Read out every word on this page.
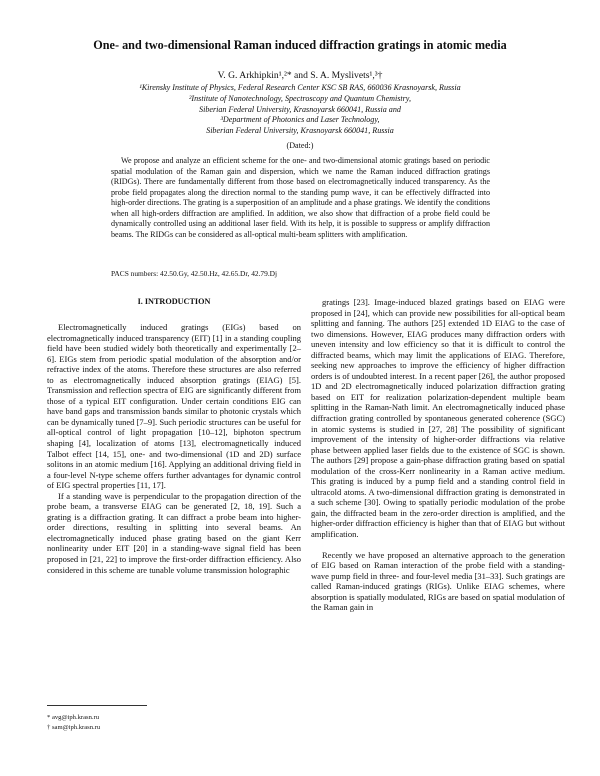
One- and two-dimensional Raman induced diffraction gratings in atomic media
V. G. Arkhipkin¹,²* and S. A. Myslivets¹,³†
¹Kirensky Institute of Physics, Federal Research Center KSC SB RAS, 660036 Krasnoyarsk, Russia
²Institute of Nanotechnology, Spectroscopy and Quantum Chemistry,
Siberian Federal University, Krasnoyarsk 660041, Russia and
³Department of Photonics and Laser Technology,
Siberian Federal University, Krasnoyarsk 660041, Russia
(Dated:)
We propose and analyze an efficient scheme for the one- and two-dimensional atomic gratings based on periodic spatial modulation of the Raman gain and dispersion, which we name the Raman induced diffraction gratings (RIDGs). There are fundamentally different from those based on electromagnetically induced transparency. As the probe field propagates along the direction normal to the standing pump wave, it can be effectively diffracted into high-order directions. The grating is a superposition of an amplitude and a phase gratings. We identify the conditions when all high-orders diffraction are amplified. In addition, we also show that diffraction of a probe field could be dynamically controlled using an additional laser field. With its help, it is possible to suppress or amplify diffraction beams. The RIDGs can be considered as all-optical multi-beam splitters with amplification.
PACS numbers: 42.50.Gy, 42.50.Hz, 42.65.Dr, 42.79.Dj
I. INTRODUCTION

Electromagnetically induced gratings (EIGs) based on electromagnetically induced transparency (EIT) [1] in a standing coupling field have been studied widely both theoretically and experimentally [2–6]. EIGs stem from periodic spatial modulation of the absorption and/or refractive index of the atoms. Therefore these structures are also referred to as electromagnetically induced absorption gratings (EIAG) [5]. Transmission and reflection spectra of EIG are significantly different from those of a typical EIT configuration. Under certain conditions EIG can have band gaps and transmission bands similar to photonic crystals which can be dynamically tuned [7–9]. Such periodic structures can be useful for all-optical control of light propagation [10–12], biphoton spectrum shaping [4], localization of atoms [13], electromagnetically induced Talbot effect [14, 15], one- and two-dimensional (1D and 2D) surface solitons in an atomic medium [16]. Applying an additional driving field in a four-level N-type scheme offers further advantages for dynamic control of EIG spectral properties [11, 17].

If a standing wave is perpendicular to the propagation direction of the probe beam, a transverse EIAG can be generated [2, 18, 19]. Such a grating is a diffraction grating. It can diffract a probe beam into higher-order directions, resulting in splitting into several beams. An electromagnetically induced phase grating based on the giant Kerr nonlinearity under EIT [20] in a standing-wave signal field has been proposed in [21, 22] to improve the first-order diffraction efficiency. Also considered in this scheme are tunable volume transmission holographic

gratings [23]. Image-induced blazed gratings based on EIAG were proposed in [24], which can provide new possibilities for all-optical beam splitting and fanning. The authors [25] extended 1D EIAG to the case of two dimensions. However, EIAG produces many diffraction orders with uneven intensity and low efficiency so that it is difficult to control the diffracted beams, which may limit the applications of EIAG. Therefore, seeking new approaches to improve the efficiency of higher diffraction orders is of undoubted interest. In a recent paper [26], the author proposed 1D and 2D electromagnetically induced polarization diffraction grating based on EIT for realization polarization-dependent multiple beam splitting in the Raman-Nath limit. An electromagnetically induced phase diffraction grating controlled by spontaneous generated coherence (SGC) in atomic systems is studied in [27, 28] The possibility of significant improvement of the intensity of higher-order diffractions via relative phase between applied laser fields due to the existence of SGC is shown. The authors [29] propose a gain-phase diffraction grating based on spatial modulation of the cross-Kerr nonlinearity in a Raman active medium. This grating is induced by a pump field and a standing control field in ultracold atoms. A two-dimensional diffraction grating is demonstrated in a such scheme [30]. Owing to spatially periodic modulation of the probe gain, the diffracted beam in the zero-order direction is amplified, and the higher-order diffraction efficiency is higher than that of EIAG but without amplification.

Recently we have proposed an alternative approach to the generation of EIG based on Raman interaction of the probe field with a standing-wave pump field in three- and four-level media [31–33]. Such gratings are called Raman-induced gratings (RIGs). Unlike EIAG schemes, where absorption is spatially modulated, RIGs are based on spatial modulation of the Raman gain in

* avg@iph.krasn.ru
† sam@iph.krasn.ru
